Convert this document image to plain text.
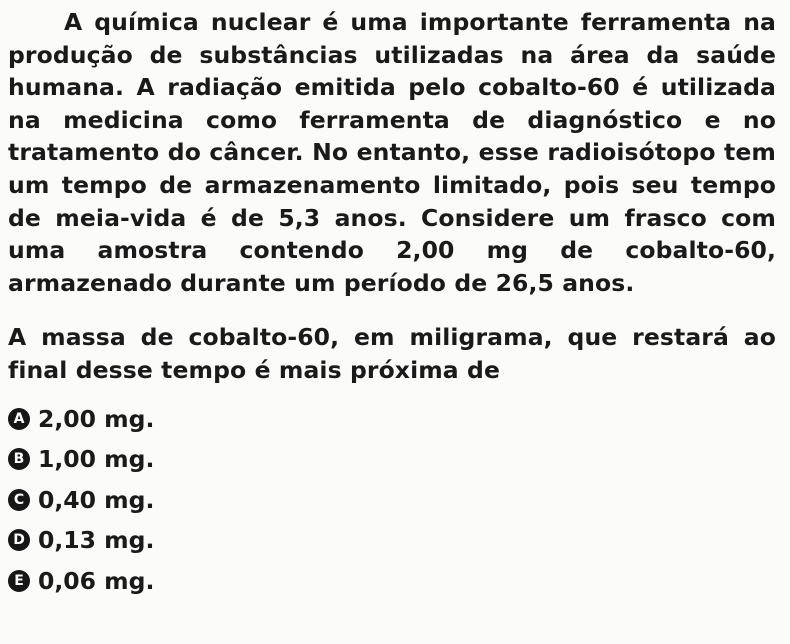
A química nuclear é uma importante ferramenta na produção de substâncias utilizadas na área da saúde humana. A radiação emitida pelo cobalto-60 é utilizada na medicina como ferramenta de diagnóstico e no tratamento do câncer. No entanto, esse radioisótopo tem um tempo de armazenamento limitado, pois seu tempo de meia-vida é de 5,3 anos. Considere um frasco com uma amostra contendo 2,00 mg de cobalto-60, armazenado durante um período de 26,5 anos.

A massa de cobalto-60, em miligrama, que restará ao final desse tempo é mais próxima de

A 2,00 mg.
B 1,00 mg.
C 0,40 mg.
D 0,13 mg.
E 0,06 mg.
